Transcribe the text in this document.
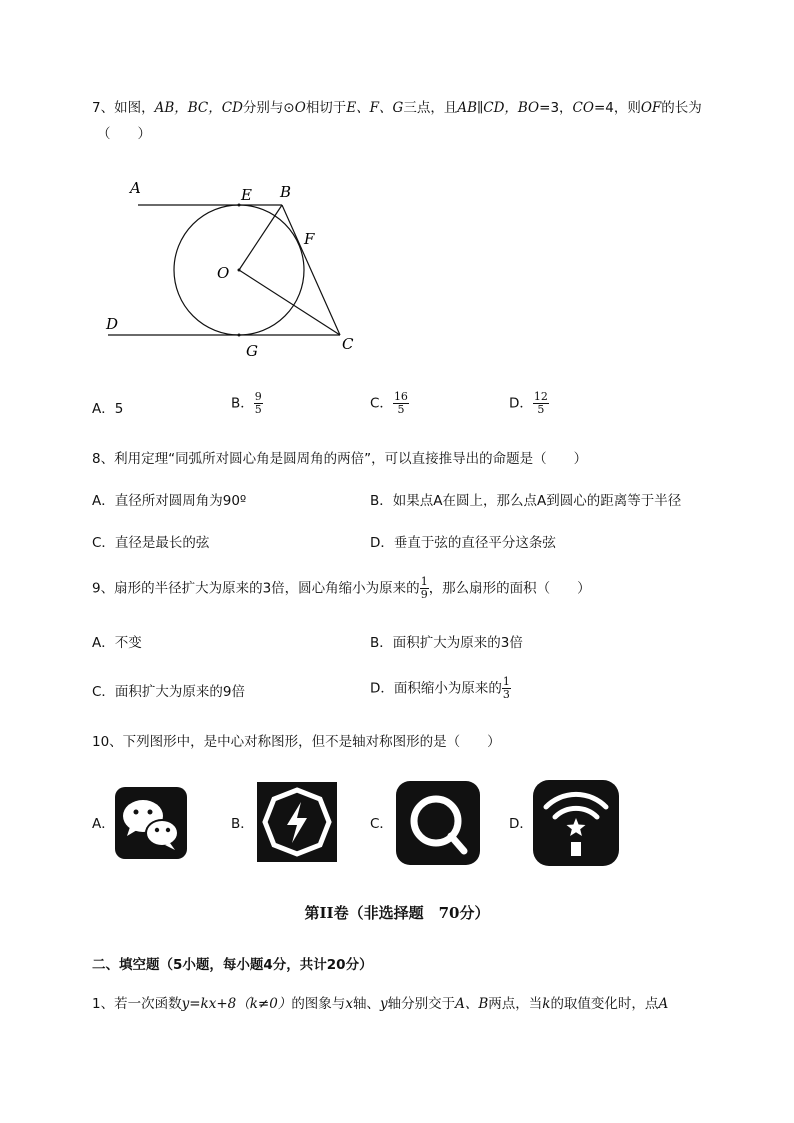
7、如图，AB，BC，CD分别与⊙O相切于E、F、G三点，且AB∥CD，BO=3，CO=4，则OF的长为
（　　）
A	E B
F
O
D
G	C
A．5	B． $\frac{9}{5}$	C． $\frac{16}{5}$	D． $\frac{12}{5}$
8、利用定理“同弧所对圆心角是圆周角的两倍”，可以直接推导出的命题是（　　）
A．直径所对圆周角为90º	B．如果点A在圆上，那么点A到圆心的距离等于半径
C．直径是最长的弦	D．垂直于弦的直径平分这条弦
9、扇形的半径扩大为原来的3倍，圆心角缩小为原来的 $\frac{1}{9}$ ，那么扇形的面积（　　）
A．不变	B．面积扩大为原来的3倍
C．面积扩大为原来的9倍	D．面积缩小为原来的 $\frac{1}{3}$
10、下列图形中，是中心对称图形，但不是轴对称图形的是（　　）
A．	B．	C．	D．
第II卷（非选择题　70分）
二、填空题（5小题，每小题4分，共计20分）
1、若一次函数y=kx+8（k≠0）的图象与x轴、y轴分别交于A、B两点，当k的取值变化时，点A
